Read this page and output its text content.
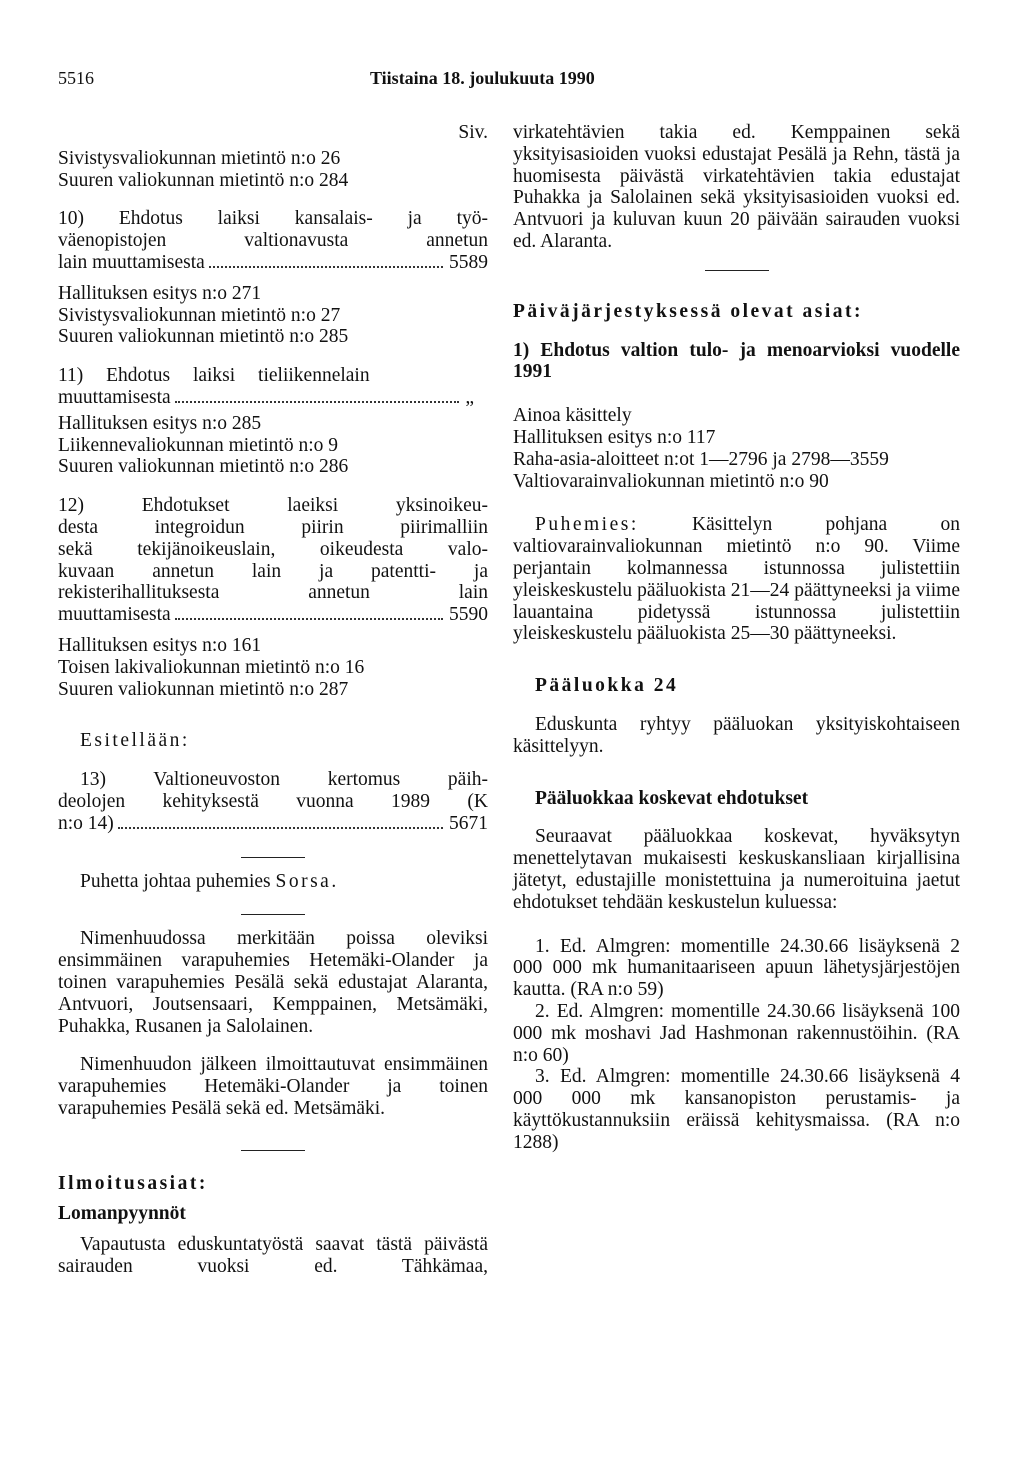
5516	Tiistaina 18. joulukuuta 1990

Siv.

Sivistysvaliokunnan mietintö n:o 26
Suuren valiokunnan mietintö n:o 284
10) Ehdotus laiksi kansalais- ja työ-
väenopistojen valtionavusta annetun
lain muuttamisesta	5589
Hallituksen esitys n:o 271
Sivistysvaliokunnan mietintö n:o 27
Suuren valiokunnan mietintö n:o 285
11) Ehdotus laiksi tieliikennelain
muuttamisesta	„
Hallituksen esitys n:o 285
Liikennevaliokunnan mietintö n:o 9
Suuren valiokunnan mietintö n:o 286
12) Ehdotukset laeiksi yksinoikeu-
desta integroidun piirin piirimalliin
sekä tekijänoikeuslain, oikeudesta valo-
kuvaan annetun lain ja patentti- ja
rekisterihallituksesta annetun lain
muuttamisesta	5590
Hallituksen esitys n:o 161
Toisen lakivaliokunnan mietintö n:o 16
Suuren valiokunnan mietintö n:o 287

Esitellään:

13) Valtioneuvoston kertomus päih-
deolojen kehityksestä vuonna 1989 (K
n:o 14)	5671

Puhetta johtaa puhemies Sorsa.

Nimenhuudossa merkitään poissa oleviksi ensimmäinen varapuhemies Hetemäki-Olander ja toinen varapuhemies Pesälä sekä edustajat Alaranta, Antvuori, Joutsensaari, Kemppainen, Metsämäki, Puhakka, Rusanen ja Salolainen.

Nimenhuudon jälkeen ilmoittautuvat ensimmäinen varapuhemies Hetemäki-Olander ja toinen varapuhemies Pesälä sekä ed. Metsämäki.

Ilmoitusasiat:

Lomanpyynnöt

Vapautusta eduskuntatyöstä saavat tästä päivästä sairauden vuoksi ed. Tähkämaa,

virkatehtävien takia ed. Kemppainen sekä yksityisasioiden vuoksi edustajat Pesälä ja Rehn, tästä ja huomisesta päivästä virkatehtävien takia edustajat Puhakka ja Salolainen sekä yksityisasioiden vuoksi ed. Antvuori ja kuluvan kuun 20 päivään sairauden vuoksi ed. Alaranta.

Päiväjärjestyksessä olevat asiat:

1) Ehdotus valtion tulo- ja menoarvioksi vuodelle 1991

Ainoa käsittely
Hallituksen esitys n:o 117
Raha-asia-aloitteet n:ot 1—2796 ja 2798—3559
Valtiovarainvaliokunnan mietintö n:o 90

Puhemies:	Käsittelyn pohjana on valtiovarainvaliokunnan mietintö n:o 90. Viime perjantain kolmannessa istunnossa julistettiin yleiskeskustelu pääluokista 21—24 päättyneeksi ja viime lauantaina pidetyssä istunnossa julistettiin yleiskeskustelu pääluokista 25—30 päättyneeksi.

Pääluokka 24

Eduskunta ryhtyy pääluokan yksityiskohtaiseen käsittelyyn.

Pääluokkaa koskevat ehdotukset

Seuraavat pääluokkaa koskevat, hyväksytyn menettelytavan mukaisesti keskuskansliaan kirjallisina jätetyt, edustajille monistettuina ja numeroituina jaetut ehdotukset tehdään keskustelun kuluessa:

1. Ed. Almgren: momentille 24.30.66 lisäyksenä 2 000 000 mk humanitaariseen apuun lähetysjärjestöjen kautta. (RA n:o 59)

2. Ed. Almgren: momentille 24.30.66 lisäyksenä 100 000 mk moshavi Jad Hashmonan rakennustöihin. (RA n:o 60)

3. Ed. Almgren: momentille 24.30.66 lisäyksenä 4 000 000 mk kansanopiston perustamis- ja käyttökustannuksiin eräissä kehitysmaissa. (RA n:o 1288)
